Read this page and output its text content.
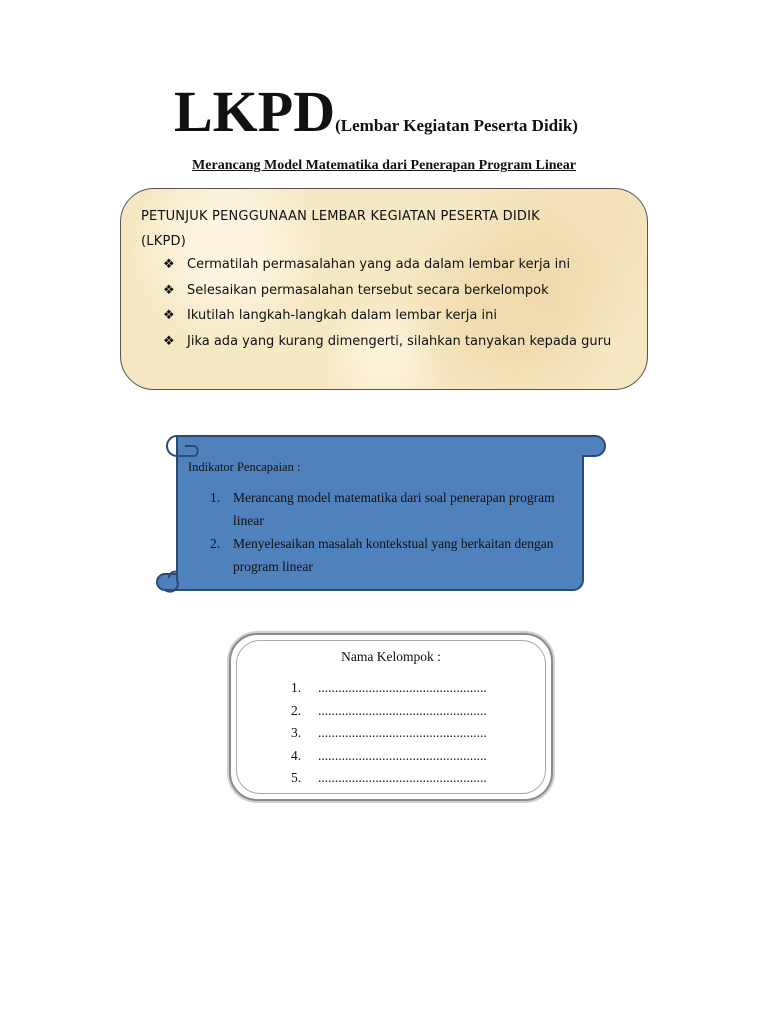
LKPD(Lembar Kegiatan Peserta Didik)
Merancang Model Matematika dari Penerapan Program Linear
PETUNJUK PENGGUNAAN LEMBAR KEGIATAN PESERTA DIDIK
(LKPD)
❖ Cermatilah permasalahan yang ada dalam lembar kerja ini
❖ Selesaikan permasalahan tersebut secara berkelompok
❖ Ikutilah langkah-langkah dalam lembar kerja ini
❖ Jika ada yang kurang dimengerti, silahkan tanyakan kepada guru
Indikator Pencapaian :
1. Merancang model matematika dari soal penerapan program linear
2. Menyelesaikan masalah kontekstual yang berkaitan dengan program linear
Nama Kelompok :
1. ..................................................
2. ..................................................
3. ..................................................
4. ..................................................
5. ..................................................
